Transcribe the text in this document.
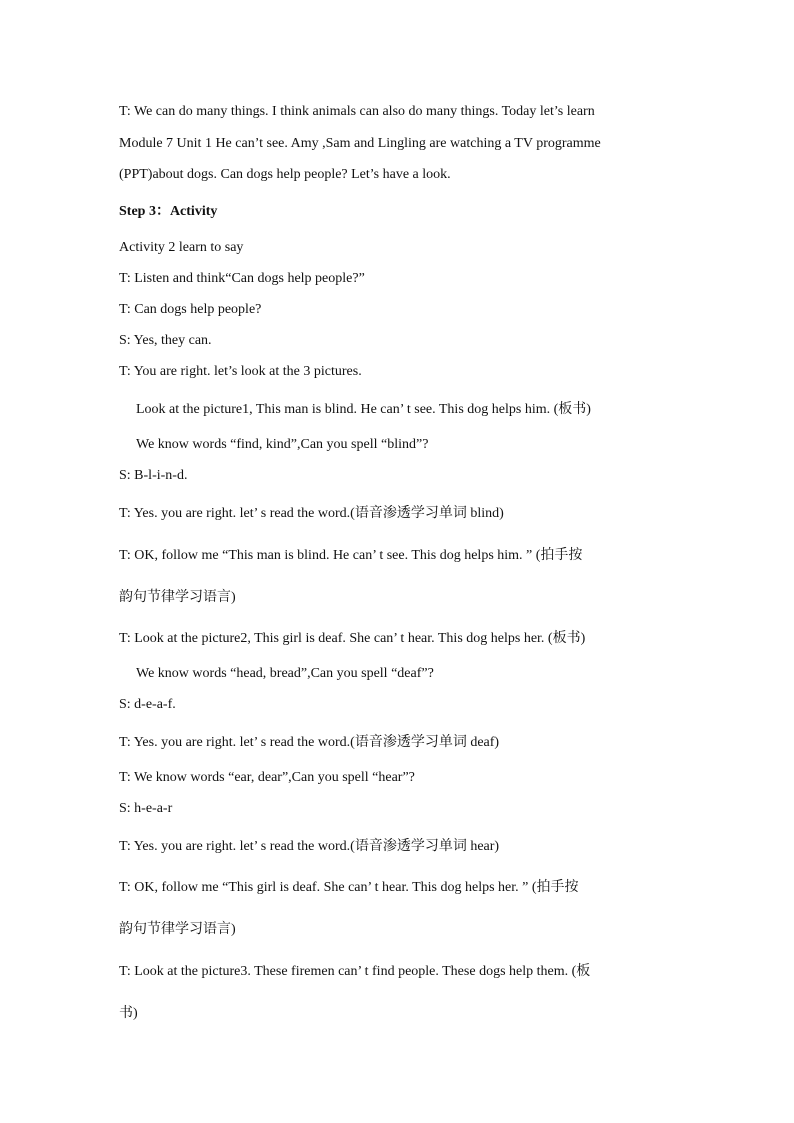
T: We can do many things. I think animals can also do many things. Today let’s learn
Module 7 Unit 1 He can’t see. Amy ,Sam and Lingling are watching a TV programme
(PPT)about dogs. Can dogs help people? Let’s have a look.
Step 3：Activity
Activity 2 learn to say
T: Listen and think“Can dogs help people?”
T: Can dogs help people?
S: Yes, they can.
T: You are right. let’s look at the 3 pictures.
Look at the picture1, This man is blind. He can’ t see. This dog helps him. (板书)
We know words “find, kind”,Can you spell “blind”?
S: B-l-i-n-d.
T: Yes. you are right. let’ s read the word.(语音渗透学习单词 blind)
T: OK, follow me “This man is blind. He can’ t see. This dog helps him. ” (拍手按
韵句节律学习语言)
T: Look at the picture2, This girl is deaf. She can’ t hear. This dog helps her. (板书)
We know words “head, bread”,Can you spell “deaf”?
S: d-e-a-f.
T: Yes. you are right. let’ s read the word.(语音渗透学习单词 deaf)
T: We know words “ear, dear”,Can you spell “hear”?
S: h-e-a-r
T: Yes. you are right. let’ s read the word.(语音渗透学习单词 hear)
T: OK, follow me “This girl is deaf. She can’ t hear. This dog helps her. ” (拍手按
韵句节律学习语言)
T: Look at the picture3. These firemen can’ t find people. These dogs help them. (板
书)
